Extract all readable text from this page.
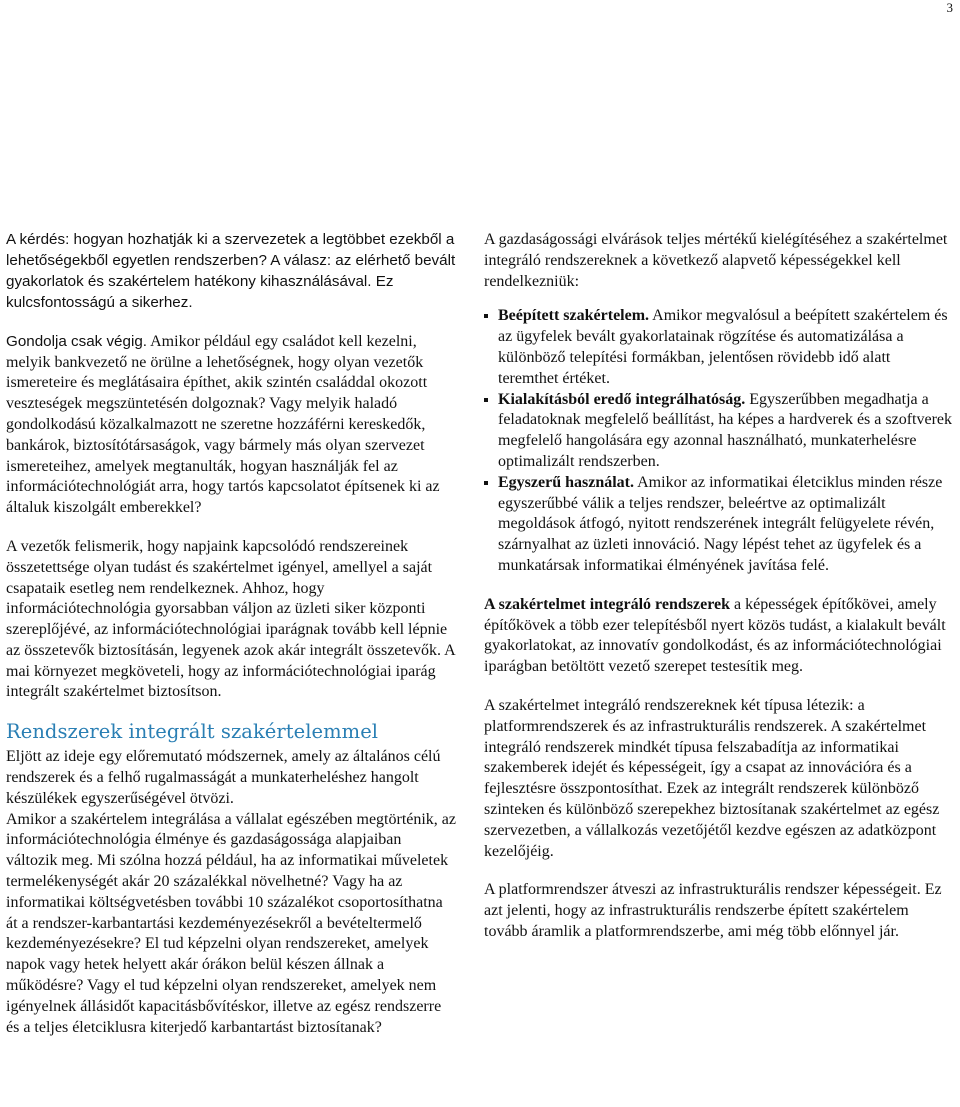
3

A kérdés: hogyan hozhatják ki a szervezetek a legtöbbet ezekből a lehetőségekből egyetlen rendszerben? A válasz: az elérhető bevált gyakorlatok és szakértelem hatékony kihasználásával. Ez kulcsfontosságú a sikerhez.

Gondolja csak végig. Amikor például egy családot kell kezelni, melyik bankvezető ne örülne a lehetőségnek, hogy olyan vezetők ismereteire és meglátásaira építhet, akik szintén családdal okozott veszteségek megszüntetésén dolgoznak? Vagy melyik haladó gondolkodású közalkalmazott ne szeretne hozzáférni kereskedők, bankárok, biztosítótársaságok, vagy bármely más olyan szervezet ismereteihez, amelyek megtanulták, hogyan használják fel az információtechnológiát arra, hogy tartós kapcsolatot építsenek ki az általuk kiszolgált emberekkel?

A vezetők felismerik, hogy napjaink kapcsolódó rendszereinek összetettsége olyan tudást és szakértelmet igényel, amellyel a saját csapataik esetleg nem rendelkeznek. Ahhoz, hogy információtechnológia gyorsabban váljon az üzleti siker központi szereplőjévé, az információtechnológiai iparágnak tovább kell lépnie az összetevők biztosításán, legyenek azok akár integrált összetevők. A mai környezet megköveteli, hogy az információtechnológiai iparág integrált szakértelmet biztosítson.

Rendszerek integrált szakértelemmel

Eljött az ideje egy előremutató módszernek, amely az általános célú rendszerek és a felhő rugalmasságát a munkaterheléshez hangolt készülékek egyszerűségével ötvözi.

Amikor a szakértelem integrálása a vállalat egészében megtörténik, az információtechnológia élménye és gazdaságossága alapjaiban változik meg. Mi szólna hozzá például, ha az informatikai műveletek termelékenységét akár 20 százalékkal növelhetné? Vagy ha az informatikai költségvetésben további 10 százalékot csoportosíthatna át a rendszer-karbantartási kezdeményezésekről a bevételtermelő kezdeményezésekre? El tud képzelni olyan rendszereket, amelyek napok vagy hetek helyett akár órákon belül készen állnak a működésre? Vagy el tud képzelni olyan rendszereket, amelyek nem igényelnek állásidőt kapacitásbővítéskor, illetve az egész rendszerre és a teljes életciklusra kiterjedő karbantartást biztosítanak?

A gazdaságossági elvárások teljes mértékű kielégítéséhez a szakértelmet integráló rendszereknek a következő alapvető képességekkel kell rendelkezniük:

Beépített szakértelem. Amikor megvalósul a beépített szakértelem és az ügyfelek bevált gyakorlatainak rögzítése és automatizálása a különböző telepítési formákban, jelentősen rövidebb idő alatt teremthet értéket.
Kialakításból eredő integrálhatóság. Egyszerűbben megadhatja a feladatoknak megfelelő beállítást, ha képes a hardverek és a szoftverek megfelelő hangolására egy azonnal használható, munkaterhelésre optimalizált rendszerben.
Egyszerű használat. Amikor az informatikai életciklus minden része egyszerűbbé válik a teljes rendszer, beleértve az optimalizált megoldások átfogó, nyitott rendszerének integrált felügyelete révén, szárnyalhat az üzleti innováció. Nagy lépést tehet az ügyfelek és a munkatársak informatikai élményének javítása felé.

A szakértelmet integráló rendszerek a képességek építőkövei, amely építőkövek a több ezer telepítésből nyert közös tudást, a kialakult bevált gyakorlatokat, az innovatív gondolkodást, és az információtechnológiai iparágban betöltött vezető szerepet testesítik meg.

A szakértelmet integráló rendszereknek két típusa létezik: a platformrendszerek és az infrastrukturális rendszerek. A szakértelmet integráló rendszerek mindkét típusa felszabadítja az informatikai szakemberek idejét és képességeit, így a csapat az innovációra és a fejlesztésre összpontosíthat. Ezek az integrált rendszerek különböző szinteken és különböző szerepekhez biztosítanak szakértelmet az egész szervezetben, a vállalkozás vezetőjétől kezdve egészen az adatközpont kezelőjéig.

A platformrendszer átveszi az infrastrukturális rendszer képességeit. Ez azt jelenti, hogy az infrastrukturális rendszerbe épített szakértelem tovább áramlik a platformrendszerbe, ami még több előnnyel jár.
